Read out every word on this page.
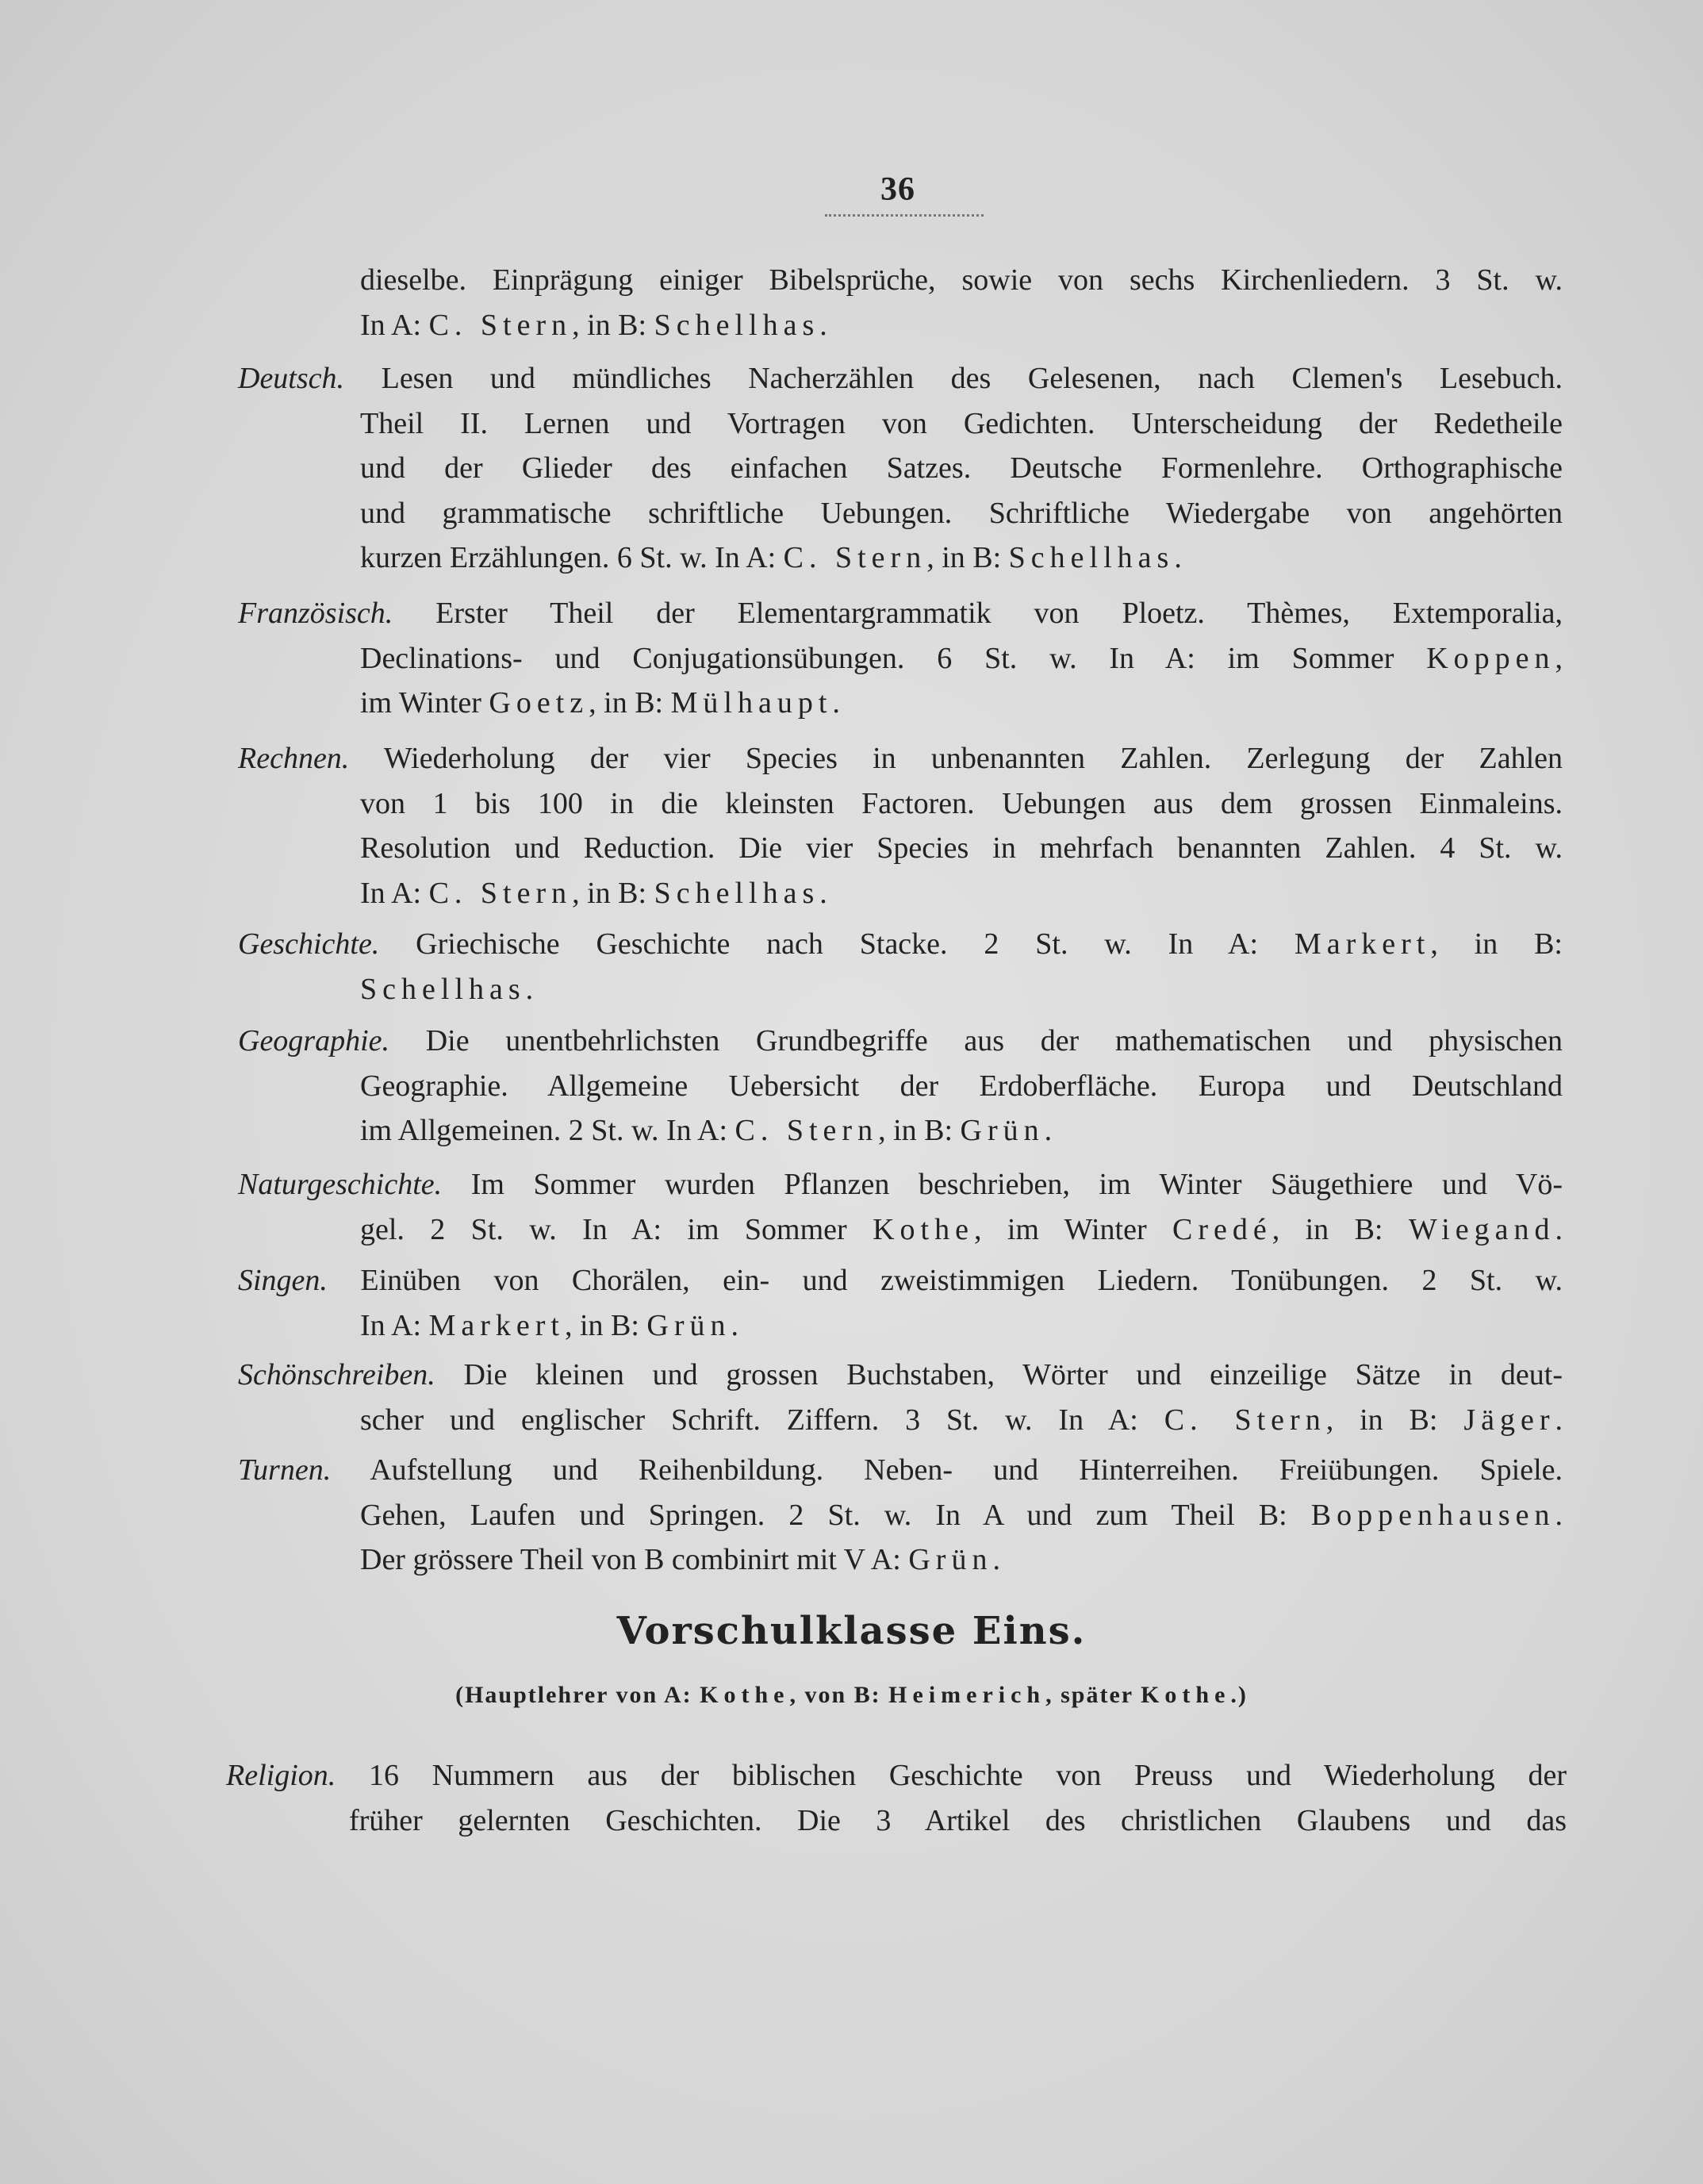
36
dieselbe. Einprägung einiger Bibelsprüche, sowie von sechs Kirchenliedern. 3 St. w.
In A: C. Stern, in B: Schellhas.
Deutsch. Lesen und mündliches Nacherzählen des Gelesenen, nach Clemen's Lesebuch.
Theil II. Lernen und Vortragen von Gedichten. Unterscheidung der Redetheile
und der Glieder des einfachen Satzes. Deutsche Formenlehre. Orthographische
und grammatische schriftliche Uebungen. Schriftliche Wiedergabe von angehörten
kurzen Erzählungen. 6 St. w. In A: C. Stern, in B: Schellhas.
Französisch. Erster Theil der Elementargrammatik von Ploetz. Thèmes, Extemporalia,
Declinations- und Conjugationsübungen. 6 St. w. In A: im Sommer Koppen,
im Winter Goetz, in B: Mülhaupt.
Rechnen. Wiederholung der vier Species in unbenannten Zahlen. Zerlegung der Zahlen
von 1 bis 100 in die kleinsten Factoren. Uebungen aus dem grossen Einmaleins.
Resolution und Reduction. Die vier Species in mehrfach benannten Zahlen. 4 St. w.
In A: C. Stern, in B: Schellhas.
Geschichte. Griechische Geschichte nach Stacke. 2 St. w. In A: Markert, in B:
Schellhas.
Geographie. Die unentbehrlichsten Grundbegriffe aus der mathematischen und physischen
Geographie. Allgemeine Uebersicht der Erdoberfläche. Europa und Deutschland
im Allgemeinen. 2 St. w. In A: C. Stern, in B: Grün.
Naturgeschichte. Im Sommer wurden Pflanzen beschrieben, im Winter Säugethiere und Vö-
gel. 2 St. w. In A: im Sommer Kothe, im Winter Credé, in B: Wiegand.
Singen. Einüben von Chorälen, ein- und zweistimmigen Liedern. Tonübungen. 2 St. w.
In A: Markert, in B: Grün.
Schönschreiben. Die kleinen und grossen Buchstaben, Wörter und einzeilige Sätze in deut-
scher und englischer Schrift. Ziffern. 3 St. w. In A: C. Stern, in B: Jäger.
Turnen. Aufstellung und Reihenbildung. Neben- und Hinterreihen. Freiübungen. Spiele.
Gehen, Laufen und Springen. 2 St. w. In A und zum Theil B: Boppenhausen.
Der grössere Theil von B combinirt mit V A: Grün.
Vorschulklasse Eins.
(Hauptlehrer von A: Kothe, von B: Heimerich, später Kothe.)
Religion. 16 Nummern aus der biblischen Geschichte von Preuss und Wiederholung der
früher gelernten Geschichten. Die 3 Artikel des christlichen Glaubens und das
